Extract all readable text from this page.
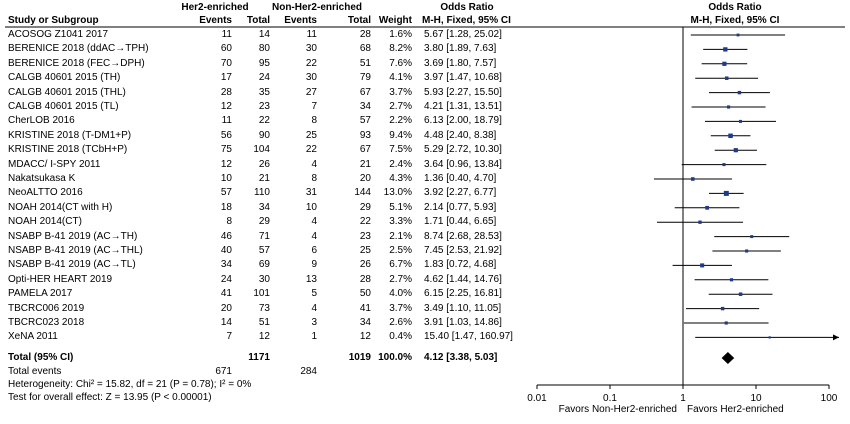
Her2-enriched	Non-Her2-enriched	Odds Ratio	Odds Ratio
Study or Subgroup	Events	Total	Events	Total Weight M-H, Fixed, 95% CI	M-H, Fixed, 95% CI
ACOSOG Z1041 2017	11	14	11	28	1.6% 5.67 [1.28, 25.02]
BERENICE 2018 (ddAC→TPH)	60	80	30	68	8.2% 3.80 [1.89, 7.63]
BERENICE 2018 (FEC→DPH)	70	95	22	51	7.6% 3.69 [1.80, 7.57]
CALGB 40601 2015 (TH)	17	24	30	79	4.1% 3.97 [1.47, 10.68]
CALGB 40601 2015 (THL)	28	35	27	67	3.7% 5.93 [2.27, 15.50]
CALGB 40601 2015 (TL)	12	23	7	34	2.7% 4.21 [1.31, 13.51]
CherLOB 2016	11	22	8	57	2.2% 6.13 [2.00, 18.79]
KRISTINE 2018 (T-DM1+P)	56	90	25	93	9.4% 4.48 [2.40, 8.38]
KRISTINE 2018 (TCbH+P)	75	104	22	67	7.5% 5.29 [2.72, 10.30]
MDACC/ I-SPY 2011	12	26	4	21	2.4% 3.64 [0.96, 13.84]
Nakatsukasa K	10	21	8	20	4.3% 1.36 [0.40, 4.70]
NeoALTTO 2016	57	110	31	144	13.0% 3.92 [2.27, 6.77]
NOAH 2014(CT with H)	18	34	10	29	5.1% 2.14 [0.77, 5.93]
NOAH 2014(CT)	8	29	4	22	3.3% 1.71 [0.44, 6.65]
NSABP B-41 2019 (AC→TH)	46	71	4	23	2.1% 8.74 [2.68, 28.53]
NSABP B-41 2019 (AC→THL)	40	57	6	25	2.5% 7.45 [2.53, 21.92]
NSABP B-41 2019 (AC→TL)	34	69	9	26	6.7% 1.83 [0.72, 4.68]
Opti-HER HEART 2019	24	30	13	28	2.7% 4.62 [1.44, 14.76]
PAMELA 2017	41	101	5	50	4.0% 6.15 [2.25, 16.81]
TBCRC006 2019	20	73	4	41	3.7% 3.49 [1.10, 11.05]
TBCRC023 2018	14	51	3	34	2.6% 3.91 [1.03, 14.86]
XeNA 2011	7	12	1	12	0.4% 15.40 [1.47, 160.97]
Total (95% CI)	1171	1019 100.0% 4.12 [3.38, 5.03]
Total events	671	284
Heterogeneity: Chi² = 15.82, df = 21 (P = 0.78); I² = 0%
Test for overall effect: Z = 13.95 (P < 0.00001)
Favors Non-Her2-enriched Favors Her2-enriched
0.01	0.1	1	10	100
